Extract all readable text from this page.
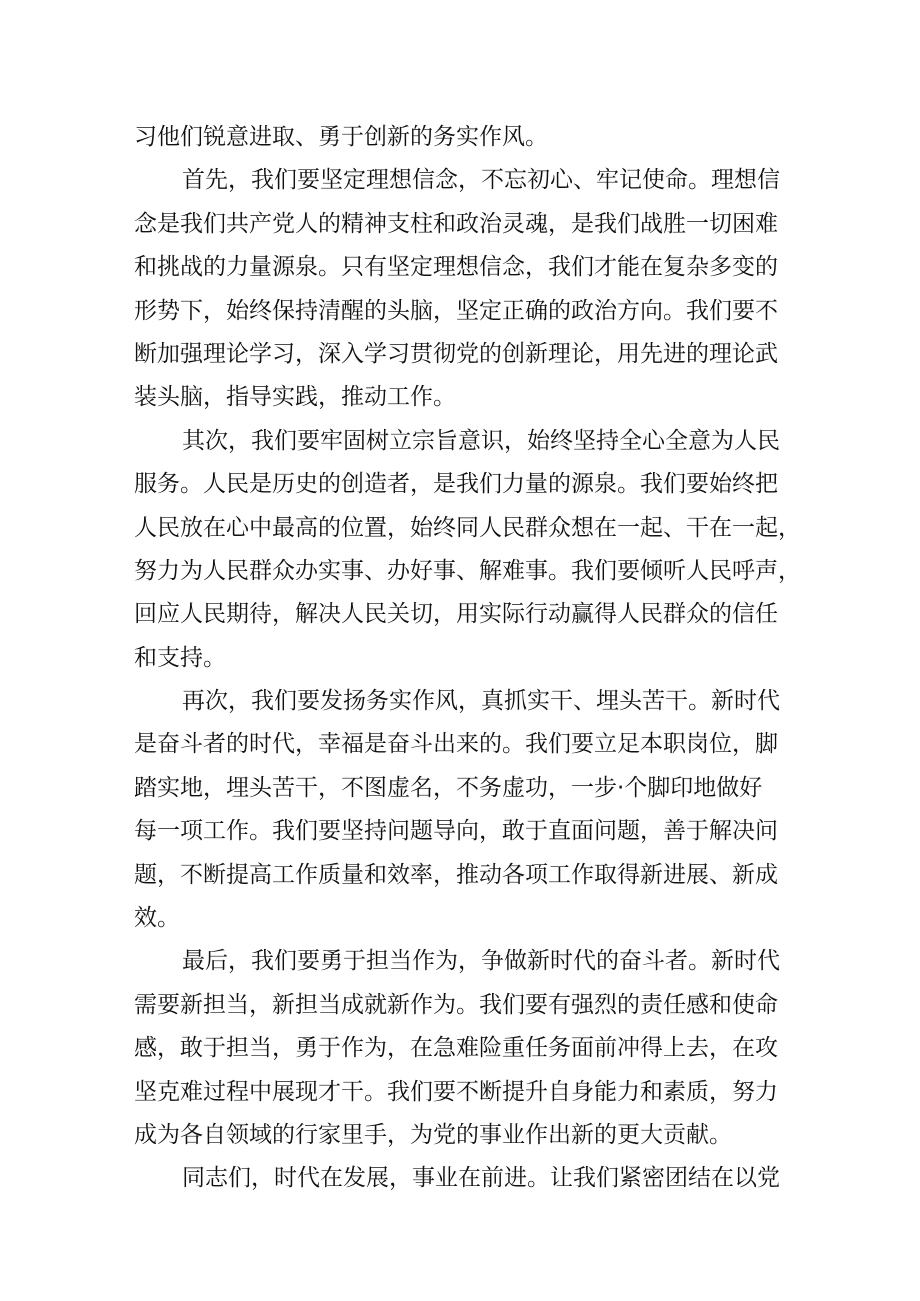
习他们锐意进取、勇于创新的务实作风。
首先，我们要坚定理想信念，不忘初心、牢记使命。理想信
念是我们共产党人的精神支柱和政治灵魂，是我们战胜一切困难
和挑战的力量源泉。只有坚定理想信念，我们才能在复杂多变的
形势下，始终保持清醒的头脑，坚定正确的政治方向。我们要不
断加强理论学习，深入学习贯彻党的创新理论，用先进的理论武
装头脑，指导实践，推动工作。
其次，我们要牢固树立宗旨意识，始终坚持全心全意为人民
服务。人民是历史的创造者，是我们力量的源泉。我们要始终把
人民放在心中最高的位置，始终同人民群众想在一起、干在一起，
努力为人民群众办实事、办好事、解难事。我们要倾听人民呼声，
回应人民期待，解决人民关切，用实际行动赢得人民群众的信任
和支持。
再次，我们要发扬务实作风，真抓实干、埋头苦干。新时代
是奋斗者的时代，幸福是奋斗出来的。我们要立足本职岗位，脚
踏实地，埋头苦干，不图虚名，不务虚功，一步·个脚印地做好
每一项工作。我们要坚持问题导向，敢于直面问题，善于解决问
题，不断提高工作质量和效率，推动各项工作取得新进展、新成
效。
最后，我们要勇于担当作为，争做新时代的奋斗者。新时代
需要新担当，新担当成就新作为。我们要有强烈的责任感和使命
感，敢于担当，勇于作为，在急难险重任务面前冲得上去，在攻
坚克难过程中展现才干。我们要不断提升自身能力和素质，努力
成为各自领域的行家里手，为党的事业作出新的更大贡献。
同志们，时代在发展，事业在前进。让我们紧密团结在以党
